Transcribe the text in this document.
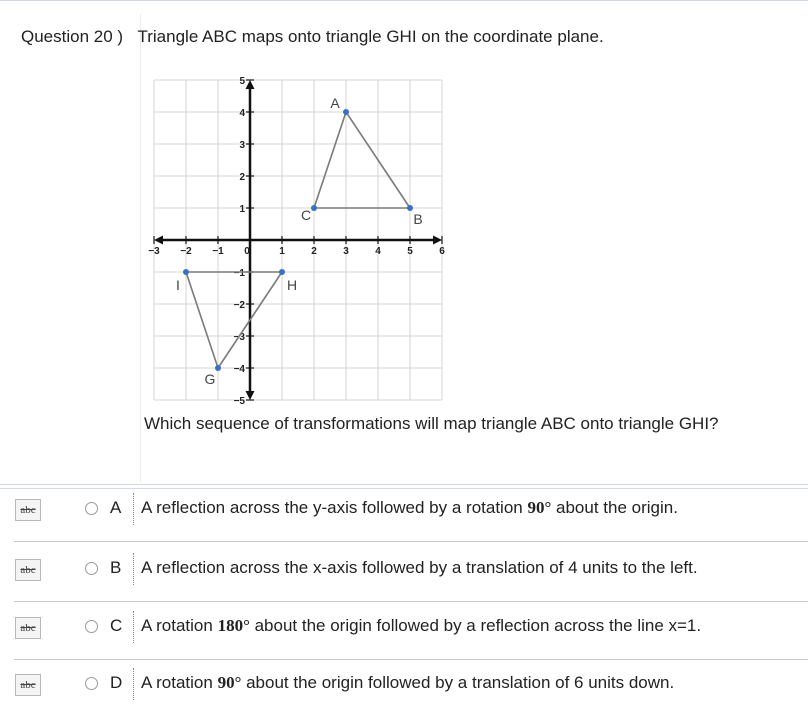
Question 20 ) Triangle ABC maps onto triangle GHI on the coordinate plane.
−3 −2 −1 0	1	2	3	4	5	6
5
4
3
2
1
−1
−2
−3
−4
−5
A
B
C
G
H
I
Which sequence of transformations will map triangle ABC onto triangle GHI?
abc	A A reflection across the y-axis followed by a rotation 90° about the origin.
abc	B A reflection across the x-axis followed by a translation of 4 units to the left.
abc	C A rotation 180° about the origin followed by a reflection across the line x=1.
abc	D A rotation 90° about the origin followed by a translation of 6 units down.
